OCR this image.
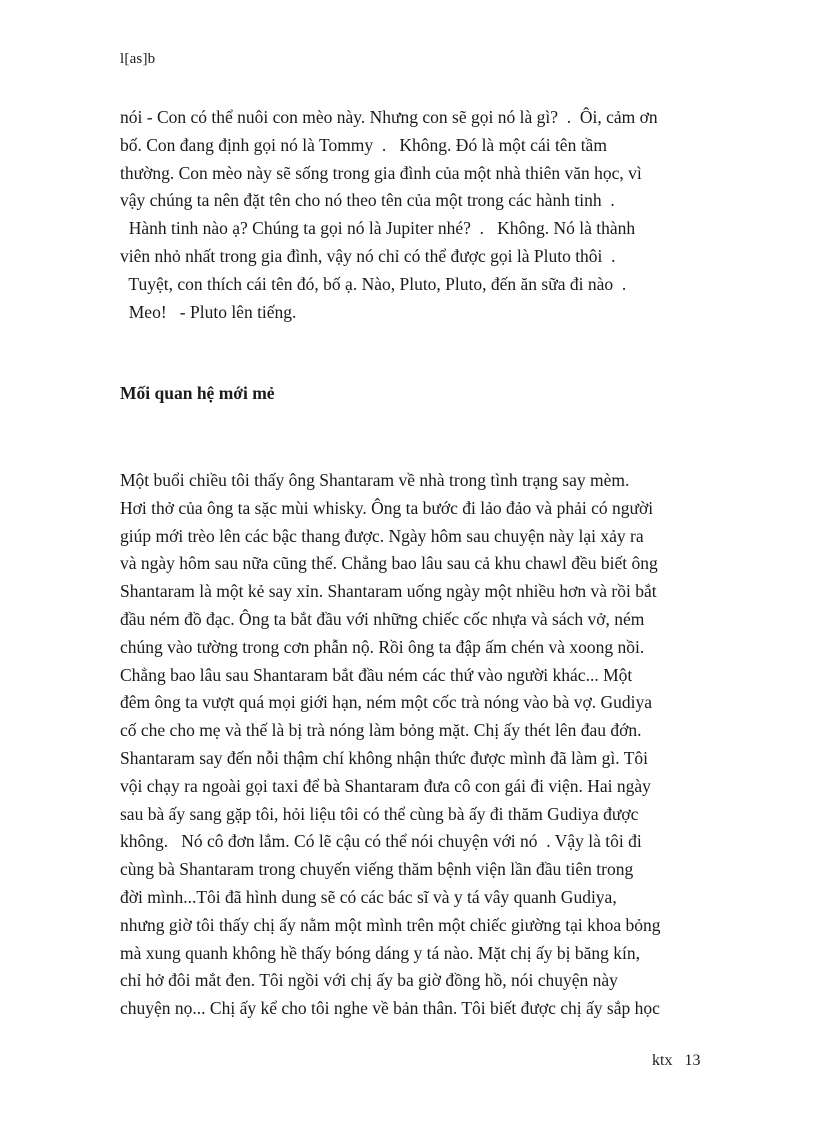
l[as]b
nói - Con có thể nuôi con mèo này. Nhưng con sẽ gọi nó là gì?  .  Ôi, cảm ơn
bố. Con đang định gọi nó là Tommy  .   Không. Đó là một cái tên tầm
thường. Con mèo này sẽ sống trong gia đình của một nhà thiên văn học, vì
vậy chúng ta nên đặt tên cho nó theo tên của một trong các hành tinh  .
Hành tinh nào ạ? Chúng ta gọi nó là Jupiter nhé?  .   Không. Nó là thành
viên nhỏ nhất trong gia đình, vậy nó chỉ có thể được gọi là Pluto thôi  .
Tuyệt, con thích cái tên đó, bố ạ. Nào, Pluto, Pluto, đến ăn sữa đi nào  .
Meo!   - Pluto lên tiếng.
Mối quan hệ mới mẻ
Một buổi chiều tôi thấy ông Shantaram về nhà trong tình trạng say mèm.
Hơi thở của ông ta sặc mùi whisky. Ông ta bước đi lảo đảo và phải có người
giúp mới trèo lên các bậc thang được. Ngày hôm sau chuyện này lại xảy ra
và ngày hôm sau nữa cũng thế. Chẳng bao lâu sau cả khu chawl đều biết ông
Shantaram là một kẻ say xỉn. Shantaram uống ngày một nhiều hơn và rồi bắt
đầu ném đồ đạc. Ông ta bắt đầu với những chiếc cốc nhựa và sách vở, ném
chúng vào tường trong cơn phẫn nộ. Rồi ông ta đập ấm chén và xoong nồi.
Chẳng bao lâu sau Shantaram bắt đầu ném các thứ vào người khác... Một
đêm ông ta vượt quá mọi giới hạn, ném một cốc trà nóng vào bà vợ. Gudiya
cố che cho mẹ và thế là bị trà nóng làm bỏng mặt. Chị ấy thét lên đau đớn.
Shantaram say đến nỗi thậm chí không nhận thức được mình đã làm gì. Tôi
vội chạy ra ngoài gọi taxi để bà Shantaram đưa cô con gái đi viện. Hai ngày
sau bà ấy sang gặp tôi, hỏi liệu tôi có thể cùng bà ấy đi thăm Gudiya được
không.   Nó cô đơn lắm. Có lẽ cậu có thể nói chuyện với nó  . Vậy là tôi đi
cùng bà Shantaram trong chuyến viếng thăm bệnh viện lần đầu tiên trong
đời mình...Tôi đã hình dung sẽ có các bác sĩ và y tá vây quanh Gudiya,
nhưng giờ tôi thấy chị ấy nằm một mình trên một chiếc giường tại khoa bỏng
mà xung quanh không hề thấy bóng dáng y tá nào. Mặt chị ấy bị băng kín,
chỉ hở đôi mắt đen. Tôi ngồi với chị ấy ba giờ đồng hồ, nói chuyện này
chuyện nọ... Chị ấy kể cho tôi nghe về bản thân. Tôi biết được chị ấy sắp học
ktx   13
